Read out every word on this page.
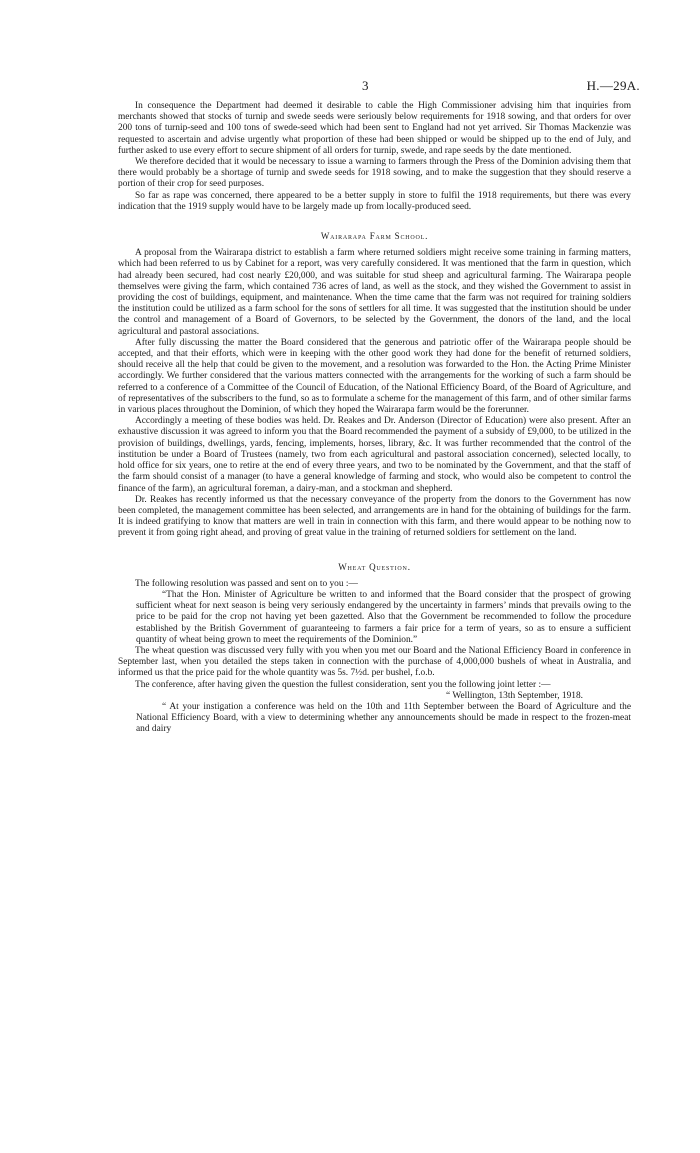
3	H.—29A.

In consequence the Department had deemed it desirable to cable the High Commissioner advising him that inquiries from merchants showed that stocks of turnip and swede seeds were seriously below requirements for 1918 sowing, and that orders for over 200 tons of turnip-seed and 100 tons of swede-seed which had been sent to England had not yet arrived. Sir Thomas Mackenzie was requested to ascertain and advise urgently what proportion of these had been shipped or would be shipped up to the end of July, and further asked to use every effort to secure shipment of all orders for turnip, swede, and rape seeds by the date mentioned.

We therefore decided that it would be necessary to issue a warning to farmers through the Press of the Dominion advising them that there would probably be a shortage of turnip and swede seeds for 1918 sowing, and to make the suggestion that they should reserve a portion of their crop for seed purposes.

So far as rape was concerned, there appeared to be a better supply in store to fulfil the 1918 requirements, but there was every indication that the 1919 supply would have to be largely made up from locally-produced seed.

Wairarapa Farm School.

A proposal from the Wairarapa district to establish a farm where returned soldiers might receive some training in farming matters, which had been referred to us by Cabinet for a report, was very carefully considered. It was mentioned that the farm in question, which had already been secured, had cost nearly £20,000, and was suitable for stud sheep and agricultural farming. The Wairarapa people themselves were giving the farm, which contained 736 acres of land, as well as the stock, and they wished the Government to assist in providing the cost of buildings, equipment, and maintenance. When the time came that the farm was not required for training soldiers the institution could be utilized as a farm school for the sons of settlers for all time. It was suggested that the institution should be under the control and management of a Board of Governors, to be selected by the Government, the donors of the land, and the local agricultural and pastoral associations.

After fully discussing the matter the Board considered that the generous and patriotic offer of the Wairarapa people should be accepted, and that their efforts, which were in keeping with the other good work they had done for the benefit of returned soldiers, should receive all the help that could be given to the movement, and a resolution was forwarded to the Hon. the Acting Prime Minister accordingly. We further considered that the various matters connected with the arrangements for the working of such a farm should be referred to a conference of a Committee of the Council of Education, of the National Efficiency Board, of the Board of Agriculture, and of representatives of the subscribers to the fund, so as to formulate a scheme for the management of this farm, and of other similar farms in various places throughout the Dominion, of which they hoped the Wairarapa farm would be the forerunner.

Accordingly a meeting of these bodies was held. Dr. Reakes and Dr. Anderson (Director of Education) were also present. After an exhaustive discussion it was agreed to inform you that the Board recommended the payment of a subsidy of £9,000, to be utilized in the provision of buildings, dwellings, yards, fencing, implements, horses, library, &c. It was further recommended that the control of the institution be under a Board of Trustees (namely, two from each agricultural and pastoral association concerned), selected locally, to hold office for six years, one to retire at the end of every three years, and two to be nominated by the Government, and that the staff of the farm should consist of a manager (to have a general knowledge of farming and stock, who would also be competent to control the finance of the farm), an agricultural foreman, a dairy-man, and a stockman and shepherd.

Dr. Reakes has recently informed us that the necessary conveyance of the property from the donors to the Government has now been completed, the management committee has been selected, and arrangements are in hand for the obtaining of buildings for the farm. It is indeed gratifying to know that matters are well in train in connection with this farm, and there would appear to be nothing now to prevent it from going right ahead, and proving of great value in the training of returned soldiers for settlement on the land.

Wheat Question.

The following resolution was passed and sent on to you :—

“That the Hon. Minister of Agriculture be written to and informed that the Board consider that the prospect of growing sufficient wheat for next season is being very seriously endangered by the uncertainty in farmers’ minds that prevails owing to the price to be paid for the crop not having yet been gazetted. Also that the Government be recommended to follow the procedure established by the British Government of guaranteeing to farmers a fair price for a term of years, so as to ensure a sufficient quantity of wheat being grown to meet the requirements of the Dominion.”

The wheat question was discussed very fully with you when you met our Board and the National Efficiency Board in conference in September last, when you detailed the steps taken in connection with the purchase of 4,000,000 bushels of wheat in Australia, and informed us that the price paid for the whole quantity was 5s. 7½d. per bushel, f.o.b.

The conference, after having given the question the fullest consideration, sent you the following joint letter :—

“ Wellington, 13th September, 1918.

“ At your instigation a conference was held on the 10th and 11th September between the Board of Agriculture and the National Efficiency Board, with a view to determining whether any announcements should be made in respect to the frozen-meat and dairy
